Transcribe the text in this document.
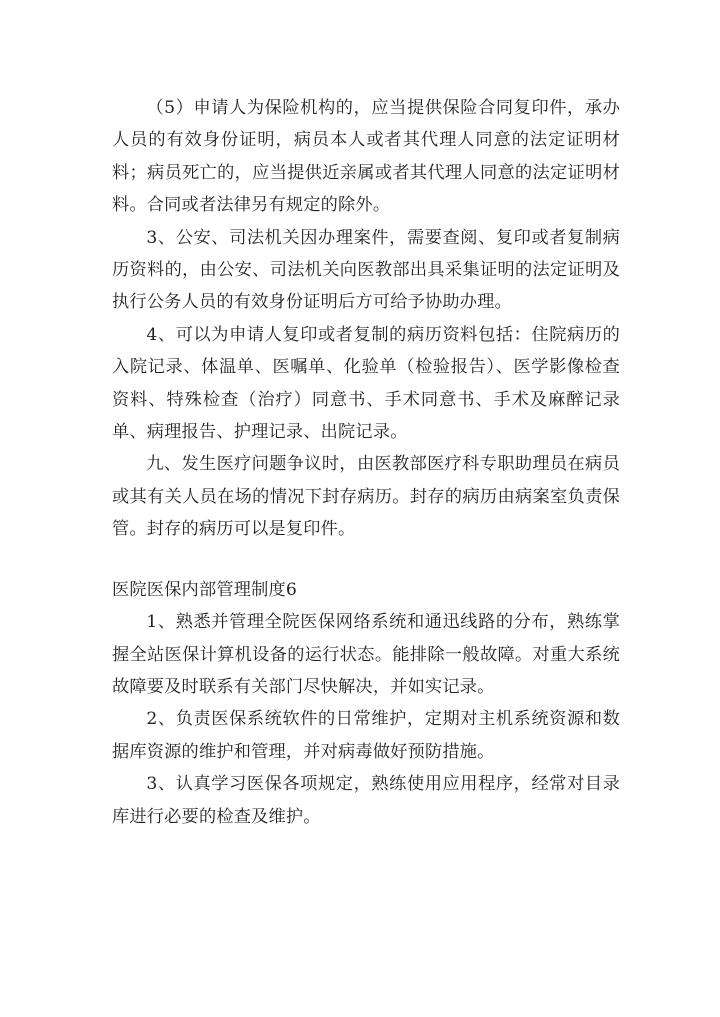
（5）申请人为保险机构的，应当提供保险合同复印件，承办人员的有效身份证明，病员本人或者其代理人同意的法定证明材料；病员死亡的，应当提供近亲属或者其代理人同意的法定证明材料。合同或者法律另有规定的除外。

3、公安、司法机关因办理案件，需要查阅、复印或者复制病历资料的，由公安、司法机关向医教部出具采集证明的法定证明及执行公务人员的有效身份证明后方可给予协助办理。

4、可以为申请人复印或者复制的病历资料包括：住院病历的入院记录、体温单、医嘱单、化验单（检验报告）、医学影像检查资料、特殊检查（治疗）同意书、手术同意书、手术及麻醉记录单、病理报告、护理记录、出院记录。

九、发生医疗问题争议时，由医教部医疗科专职助理员在病员或其有关人员在场的情况下封存病历。封存的病历由病案室负责保管。封存的病历可以是复印件。

医院医保内部管理制度6

1、熟悉并管理全院医保网络系统和通迅线路的分布，熟练掌握全站医保计算机设备的运行状态。能排除一般故障。对重大系统故障要及时联系有关部门尽快解决，并如实记录。

2、负责医保系统软件的日常维护，定期对主机系统资源和数据库资源的维护和管理，并对病毒做好预防措施。

3、认真学习医保各项规定，熟练使用应用程序，经常对目录库进行必要的检查及维护。
